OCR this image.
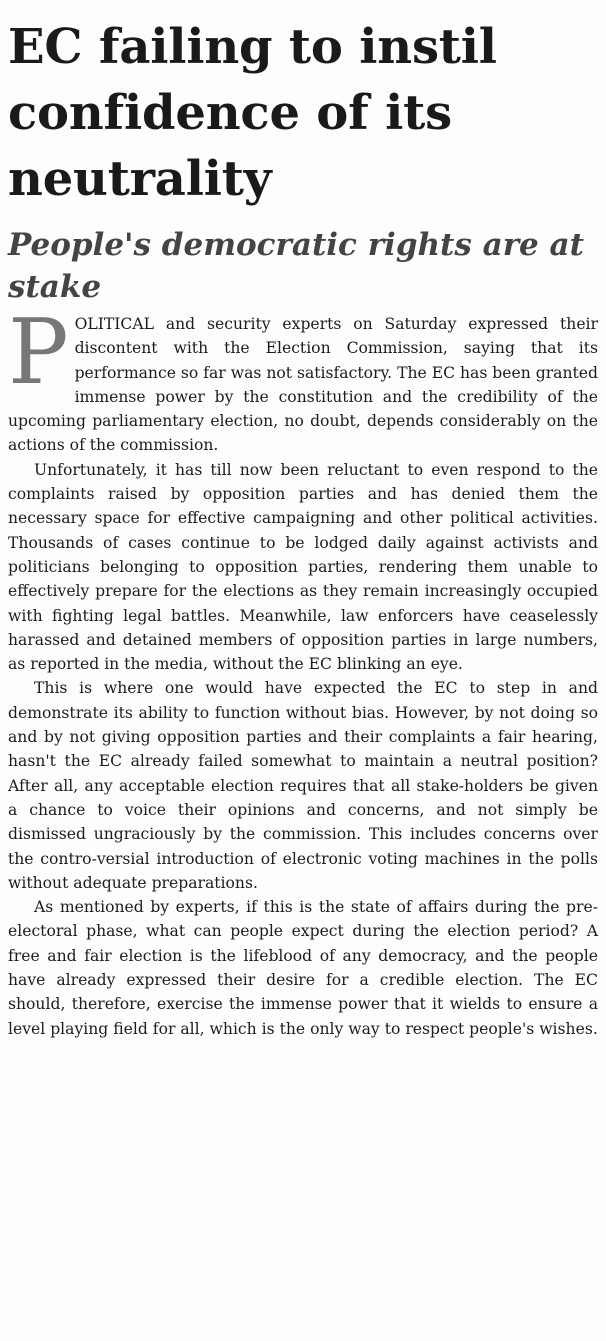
EC failing to instil confidence of its neutrality
People's democratic rights are at stake

POLITICAL and security experts on Saturday expressed their discontent with the Election Commission, saying that its performance so far was not satisfactory. The EC has been granted immense power by the constitution and the credibility of the upcoming parliamentary election, no doubt, depends considerably on the actions of the commission.

Unfortunately, it has till now been reluctant to even respond to the complaints raised by opposition parties and has denied them the necessary space for effective campaigning and other political activities. Thousands of cases continue to be lodged daily against activists and politicians belonging to opposition parties, rendering them unable to effectively prepare for the elections as they remain increasingly occupied with fighting legal battles. Meanwhile, law enforcers have ceaselessly harassed and detained members of opposition parties in large numbers, as reported in the media, without the EC blinking an eye.

This is where one would have expected the EC to step in and demonstrate its ability to function without bias. However, by not doing so and by not giving opposition parties and their complaints a fair hearing, hasn't the EC already failed somewhat to maintain a neutral position? After all, any acceptable election requires that all stake-holders be given a chance to voice their opinions and concerns, and not simply be dismissed ungraciously by the commission. This includes concerns over the contro-versial introduction of electronic voting machines in the polls without adequate preparations.

As mentioned by experts, if this is the state of affairs during the pre-electoral phase, what can people expect during the election period? A free and fair election is the lifeblood of any democracy, and the people have already expressed their desire for a credible election. The EC should, therefore, exercise the immense power that it wields to ensure a level playing field for all, which is the only way to respect people's wishes.
